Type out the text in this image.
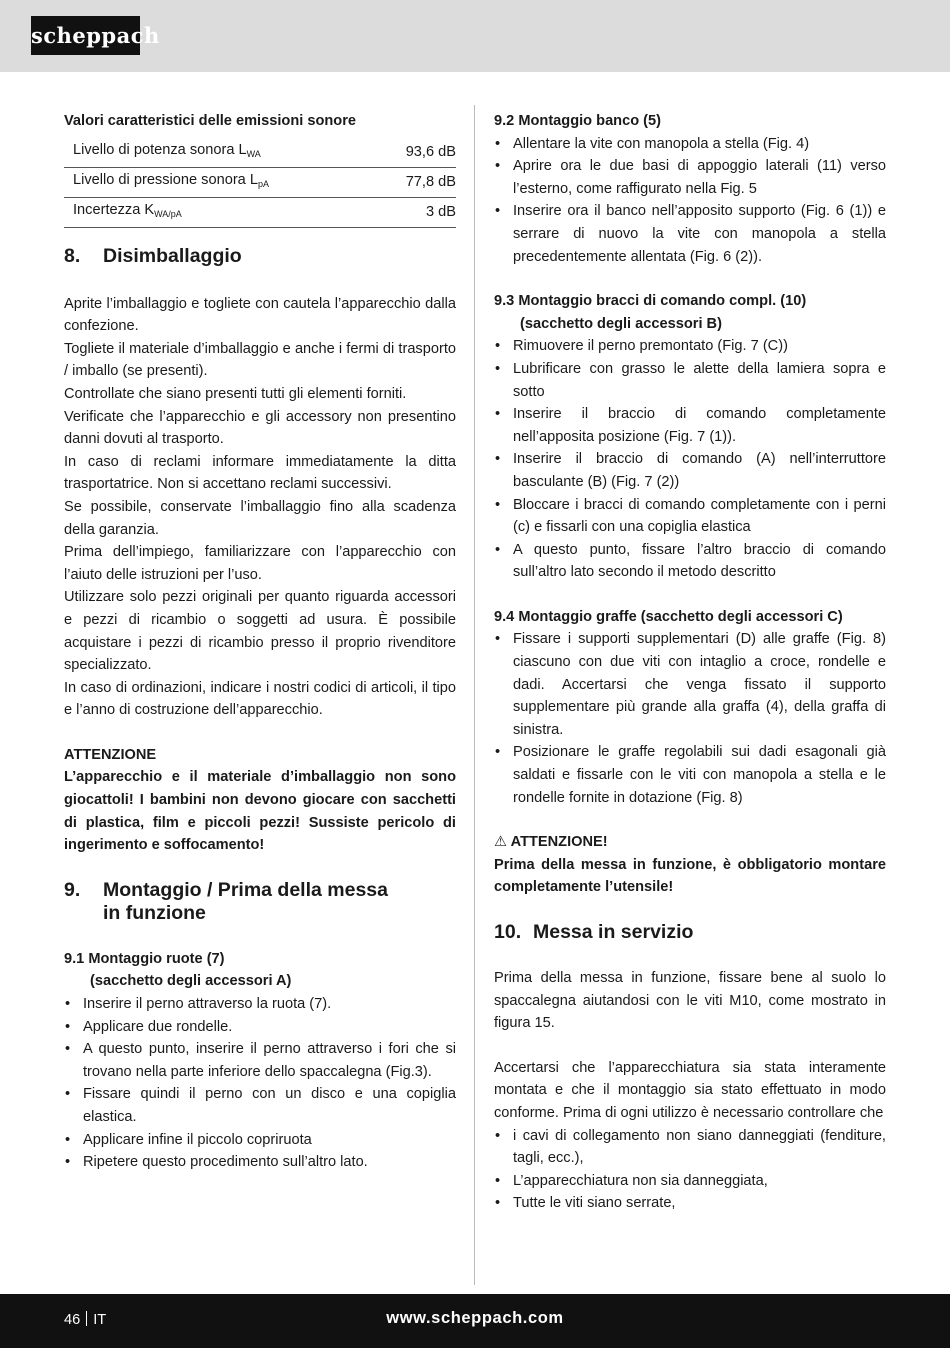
scheppach

Valori caratteristici delle emissioni sonore

Livello di potenza sonora $L_{WA}$	93,6 dB
Livello di pressione sonora $L_{pA}$	77,8 dB
Incertezza $K_{WA/pA}$	3 dB
8.	Disimballaggio

Aprite l’imballaggio e togliete con cautela l’apparecchio dalla confezione.

Togliete il materiale d’imballaggio e anche i fermi di trasporto / imballo (se presenti).

Controllate che siano presenti tutti gli elementi forniti.

Verificate che l’apparecchio e gli accessory non presentino danni dovuti al trasporto.

In caso di reclami informare immediatamente la ditta trasportatrice. Non si accettano reclami successivi.

Se possibile, conservate l’imballaggio fino alla scadenza della garanzia.

Prima dell’impiego, familiarizzare con l’apparecchio con l’aiuto delle istruzioni per l’uso.

Utilizzare solo pezzi originali per quanto riguarda accessori e pezzi di ricambio o soggetti ad usura. È possibile acquistare i pezzi di ricambio presso il proprio rivenditore specializzato.

In caso di ordinazioni, indicare i nostri codici di articoli, il tipo e l’anno di costruzione dell’apparecchio.

ATTENZIONE

L’apparecchio e il materiale d’imballaggio non sono giocattoli! I bambini non devono giocare con sacchetti di plastica, film e piccoli pezzi! Sussiste pericolo di ingerimento e soffocamento!

9.	Montaggio / Prima della messa
in funzione

9.1 Montaggio ruote (7)

(sacchetto degli accessori A)

• Inserire il perno attraverso la ruota (7).
• Applicare due rondelle.
• A questo punto, inserire il perno attraverso i fori che si trovano nella parte inferiore dello spaccalegna (Fig.3).
• Fissare quindi il perno con un disco e una copiglia elastica.
• Applicare infine il piccolo copriruota
• Ripetere questo procedimento sull’altro lato.

9.2 Montaggio banco (5)

• Allentare la vite con manopola a stella (Fig. 4)
• Aprire ora le due basi di appoggio laterali (11) verso l’esterno, come raffigurato nella Fig. 5
• Inserire ora il banco nell’apposito supporto (Fig. 6 (1)) e serrare di nuovo la vite con manopola a stella precedentemente allentata (Fig. 6 (2)).

9.3 Montaggio bracci di comando compl. (10)

(sacchetto degli accessori B)

• Rimuovere il perno premontato (Fig. 7 (C))
• Lubrificare con grasso le alette della lamiera sopra e sotto
• Inserire il braccio di comando completamente nell’apposita posizione (Fig. 7 (1)).
• Inserire il braccio di comando (A) nell’interruttore basculante (B) (Fig. 7 (2))
• Bloccare i bracci di comando completamente con i perni (c) e fissarli con una copiglia elastica
• A questo punto, fissare l’altro braccio di comando sull’altro lato secondo il metodo descritto

9.4 Montaggio graffe (sacchetto degli accessori C)

• Fissare i supporti supplementari (D) alle graffe (Fig. 8) ciascuno con due viti con intaglio a croce, rondelle e dadi. Accertarsi che venga fissato il supporto supplementare più grande alla graffa (4), della graffa di sinistra.
• Posizionare le graffe regolabili sui dadi esagonali già saldati e fissarle con le viti con manopola a stella e le rondelle fornite in dotazione (Fig. 8)

⚠ ATTENZIONE!

Prima della messa in funzione, è obbligatorio montare completamente l’utensile!

10. Messa in servizio

Prima della messa in funzione, fissare bene al suolo lo spaccalegna aiutandosi con le viti M10, come mostrato in figura 15.

Accertarsi che l’apparecchiatura sia stata interamente montata e che il montaggio sia stato effettuato in modo conforme. Prima di ogni utilizzo è necessario controllare che

• i cavi di collegamento non siano danneggiati (fenditure, tagli, ecc.),
• L’apparecchiatura non sia danneggiata,
• Tutte le viti siano serrate,
46 IT	www.scheppach.com
